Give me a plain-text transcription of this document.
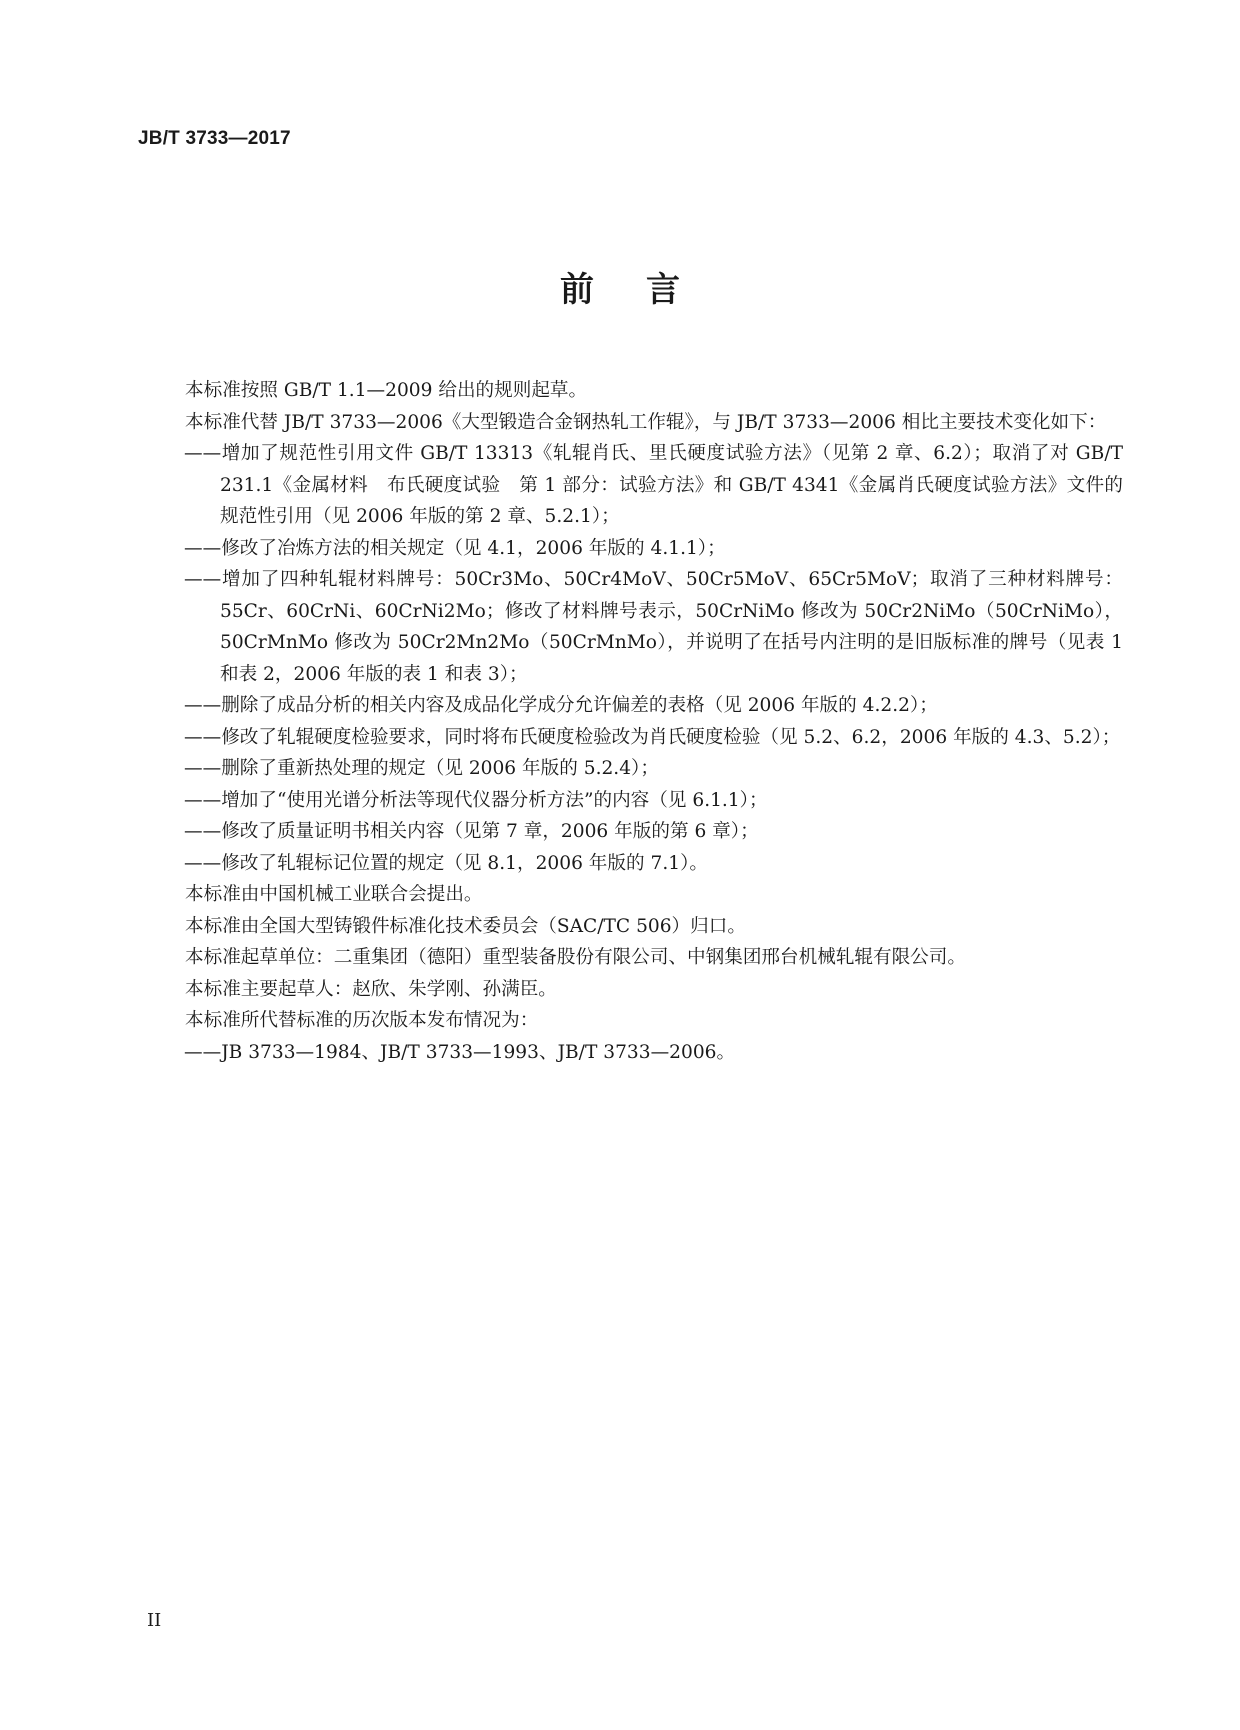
JB/T 3733—2017
前言

本标准按照 GB/T 1.1—2009 给出的规则起草。

本标准代替 JB/T 3733—2006《大型锻造合金钢热轧工作辊》，与 JB/T 3733—2006 相比主要技术变化如下：

——增加了规范性引用文件 GB/T 13313《轧辊肖氏、里氏硬度试验方法》（见第 2 章、6.2）；取消了对 GB/T 231.1《金属材料　布氏硬度试验　第 1 部分：试验方法》和 GB/T 4341《金属肖氏硬度试验方法》文件的规范性引用（见 2006 年版的第 2 章、5.2.1）；

——修改了冶炼方法的相关规定（见 4.1，2006 年版的 4.1.1）；

——增加了四种轧辊材料牌号：50Cr3Mo、50Cr4MoV、50Cr5MoV、65Cr5MoV；取消了三种材料牌号：55Cr、60CrNi、60CrNi2Mo；修改了材料牌号表示，50CrNiMo 修改为 50Cr2NiMo（50CrNiMo），50CrMnMo 修改为 50Cr2Mn2Mo（50CrMnMo），并说明了在括号内注明的是旧版标准的牌号（见表 1 和表 2，2006 年版的表 1 和表 3）；

——删除了成品分析的相关内容及成品化学成分允许偏差的表格（见 2006 年版的 4.2.2）；

——修改了轧辊硬度检验要求，同时将布氏硬度检验改为肖氏硬度检验（见 5.2、6.2，2006 年版的 4.3、5.2）；

——删除了重新热处理的规定（见 2006 年版的 5.2.4）；

——增加了“使用光谱分析法等现代仪器分析方法”的内容（见 6.1.1）；

——修改了质量证明书相关内容（见第 7 章，2006 年版的第 6 章）；

——修改了轧辊标记位置的规定（见 8.1，2006 年版的 7.1）。

本标准由中国机械工业联合会提出。

本标准由全国大型铸锻件标准化技术委员会（SAC/TC 506）归口。

本标准起草单位：二重集团（德阳）重型装备股份有限公司、中钢集团邢台机械轧辊有限公司。

本标准主要起草人：赵欣、朱学刚、孙满臣。

本标准所代替标准的历次版本发布情况为：

——JB 3733—1984、JB/T 3733—1993、JB/T 3733—2006。

II
